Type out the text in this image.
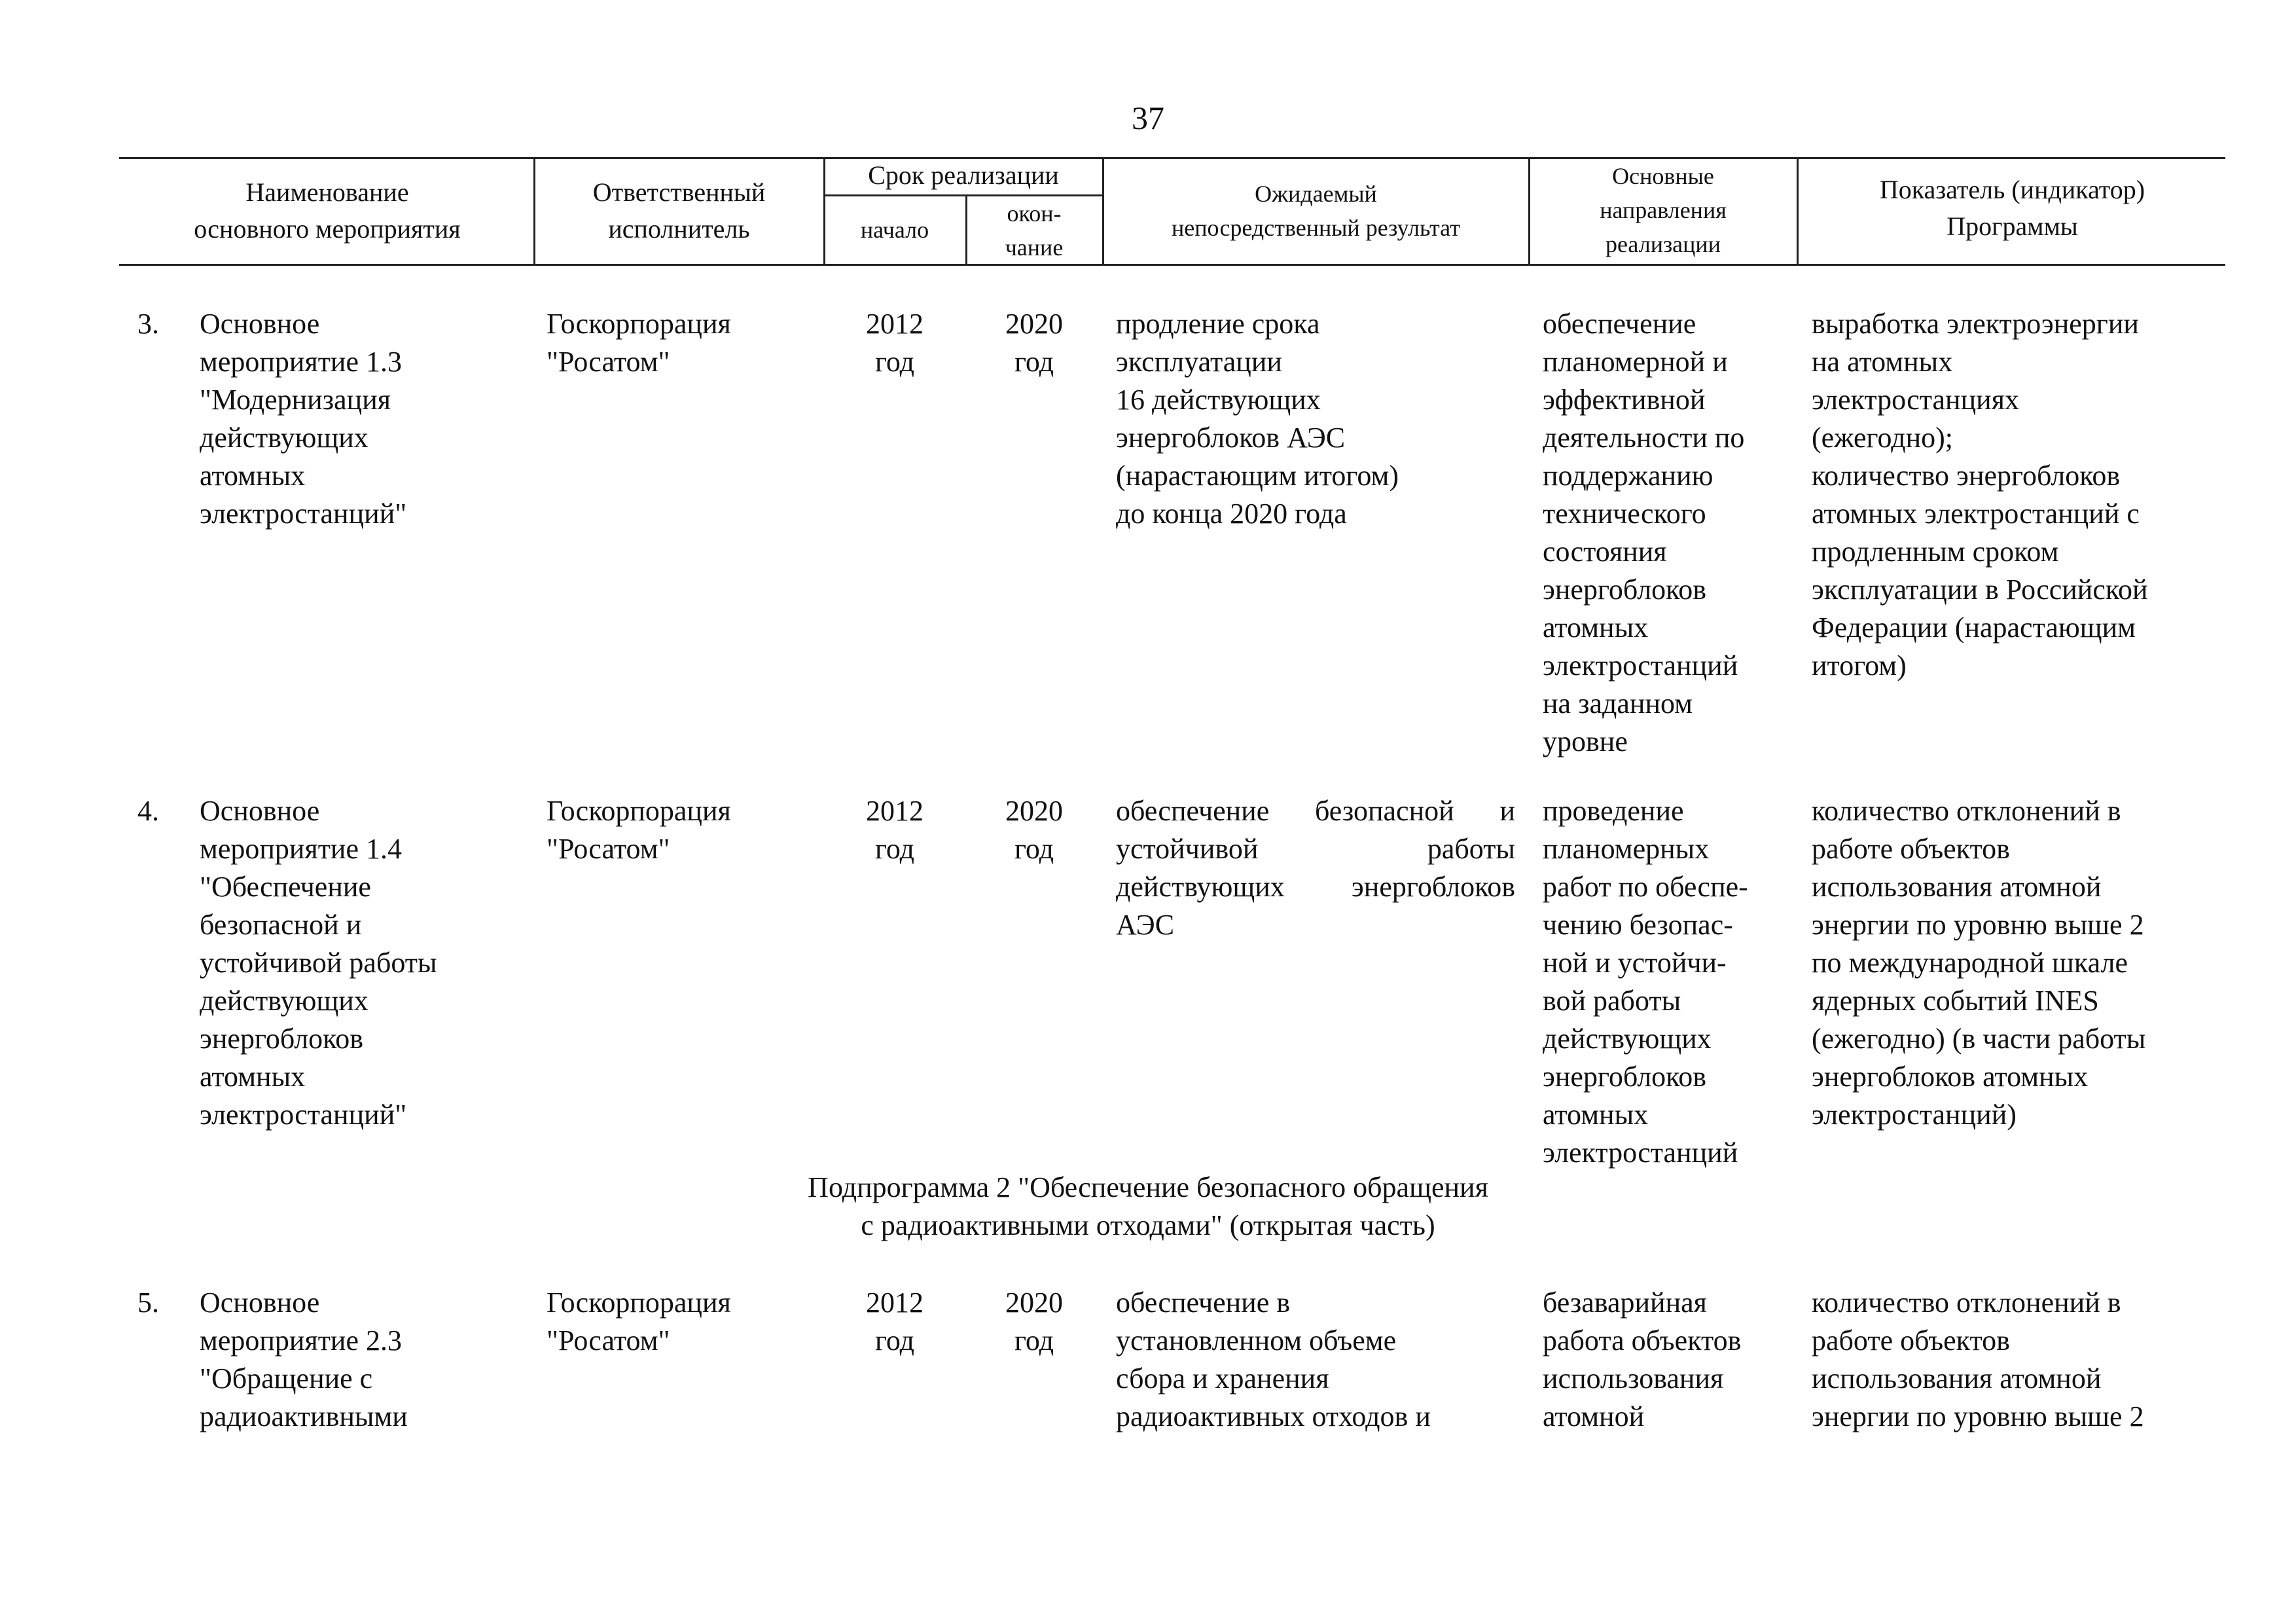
37
Наименование
основного мероприятия
Ответственный
исполнитель
Срок реализации
начало
окон-
чание
Ожидаемый
непосредственный результат
Основные
направления
реализации
Показатель (индикатор)
Программы
3. Основное
мероприятие 1.3
"Модернизация
действующих
атомных
электростанций"
Госкорпорация
"Росатом"
2012
год
2020
год
продление срока
эксплуатации
16 действующих
энергоблоков АЭС
(нарастающим итогом)
до конца 2020 года
обеспечение
планомерной и
эффективной
деятельности по
поддержанию
технического
состояния
энергоблоков
атомных
электростанций
на заданном
уровне
выработка электроэнергии
на атомных
электростанциях
(ежегодно);
количество энергоблоков
атомных электростанций с
продленным сроком
эксплуатации в Российской
Федерации (нарастающим
итогом)
4. Основное
мероприятие 1.4
"Обеспечение
безопасной и
устойчивой работы
действующих
энергоблоков
атомных
электростанций"
Госкорпорация
"Росатом"
2012
год
2020
год
обеспечение безопасной и устойчивой работы действующих энергоблоков АЭС
проведение
планомерных
работ по обеспе-
чению безопас-
ной и устойчи-
вой работы
действующих
энергоблоков
атомных
электростанций
количество отклонений в
работе объектов
использования атомной
энергии по уровню выше 2
по международной шкале
ядерных событий INES
(ежегодно) (в части работы
энергоблоков атомных
электростанций)
Подпрограмма 2 "Обеспечение безопасного обращения
с радиоактивными отходами" (открытая часть)
5. Основное
мероприятие 2.3
"Обращение с
радиоактивными
Госкорпорация
"Росатом"
2012
год
2020
год
обеспечение в
установленном объеме
сбора и хранения
радиоактивных отходов и
безаварийная
работа объектов
использования
атомной
количество отклонений в
работе объектов
использования атомной
энергии по уровню выше 2
